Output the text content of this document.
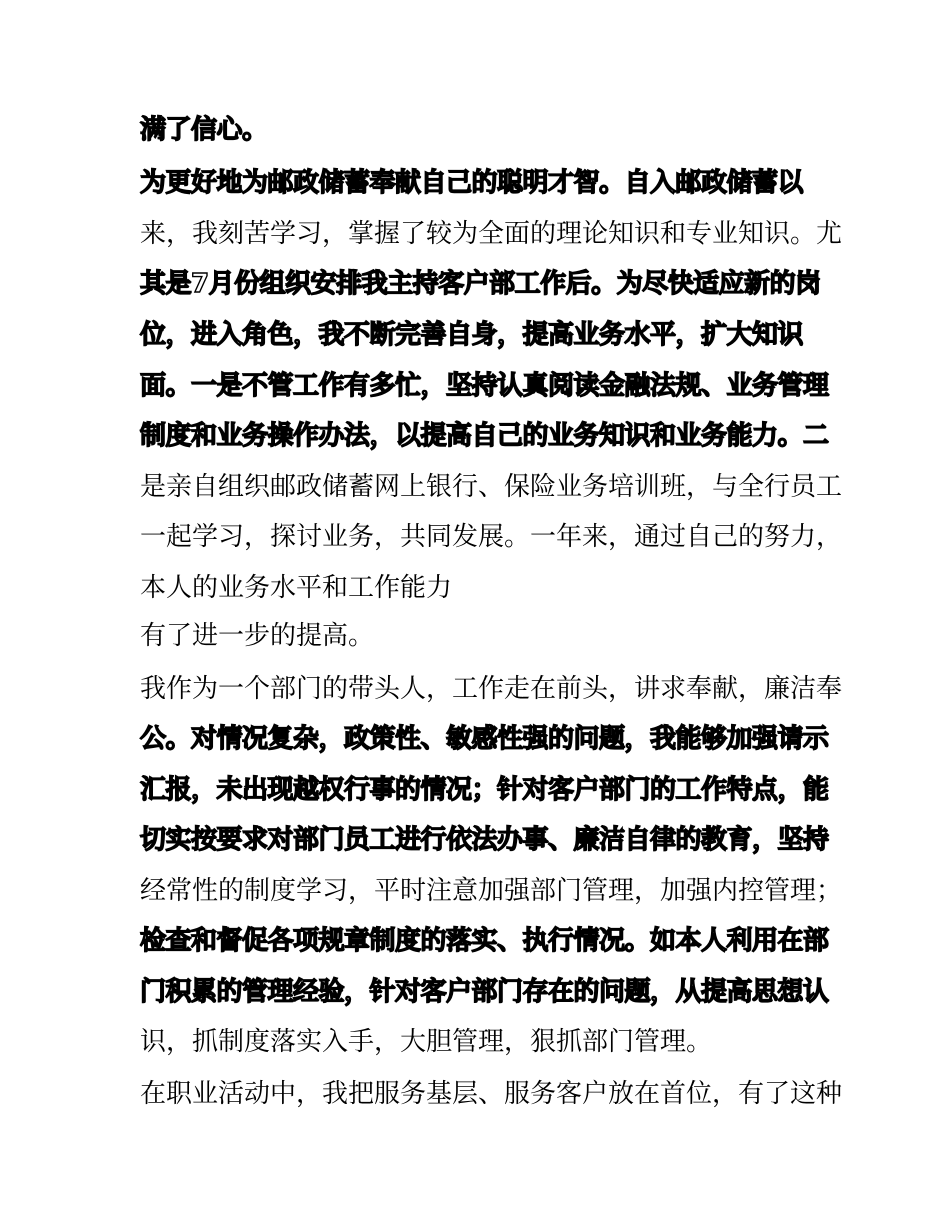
满了信心。

为更好地为邮政储蓄奉献自己的聪明才智。自入邮政储蓄以

来，我刻苦学习，掌握了较为全面的理论知识和专业知识。尤

其是7月份组织安排我主持客户部工作后。为尽快适应新的岗

位，进入角色，我不断完善自身，提高业务水平，扩大知识

面。一是不管工作有多忙，坚持认真阅读金融法规、业务管理

制度和业务操作办法，以提高自己的业务知识和业务能力。二

是亲自组织邮政储蓄网上银行、保险业务培训班，与全行员工

一起学习，探讨业务，共同发展。一年来，通过自己的努力，

本人的业务水平和工作能力

有了进一步的提高。

我作为一个部门的带头人，工作走在前头，讲求奉献，廉洁奉

公。对情况复杂，政策性、敏感性强的问题，我能够加强请示

汇报，未出现越权行事的情况；针对客户部门的工作特点，能

切实按要求对部门员工进行依法办事、廉洁自律的教育，坚持

经常性的制度学习，平时注意加强部门管理，加强内控管理；

检查和督促各项规章制度的落实、执行情况。如本人利用在部

门积累的管理经验，针对客户部门存在的问题，从提高思想认

识，抓制度落实入手，大胆管理，狠抓部门管理。

在职业活动中，我把服务基层、服务客户放在首位，有了这种
